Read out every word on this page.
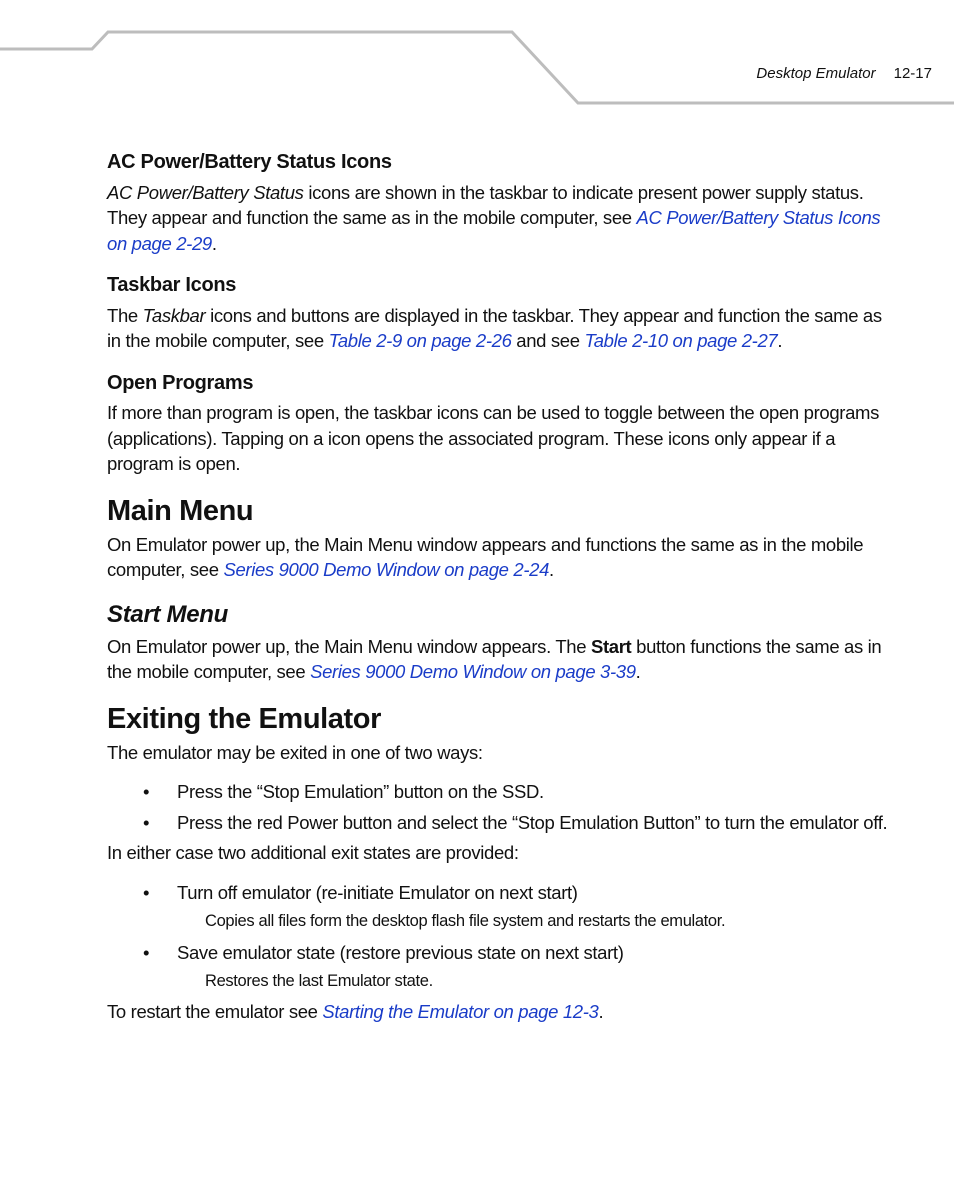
Desktop Emulator 12-17
AC Power/Battery Status Icons

AC Power/Battery Status icons are shown in the taskbar to indicate present power supply status. They appear and function the same as in the mobile computer, see AC Power/Battery Status Icons on page 2-29.

Taskbar Icons

The Taskbar icons and buttons are displayed in the taskbar. They appear and function the same as in the mobile computer, see Table 2-9 on page 2-26 and see Table 2-10 on page 2-27.

Open Programs

If more than program is open, the taskbar icons can be used to toggle between the open programs (applications). Tapping on a icon opens the associated program. These icons only appear if a program is open.

Main Menu

On Emulator power up, the Main Menu window appears and functions the same as in the mobile computer, see Series 9000 Demo Window on page 2-24.

Start Menu

On Emulator power up, the Main Menu window appears. The Start button functions the same as in the mobile computer, see Series 9000 Demo Window on page 3-39.

Exiting the Emulator

The emulator may be exited in one of two ways:

• Press the “Stop Emulation” button on the SSD.
• Press the red Power button and select the “Stop Emulation Button” to turn the emulator off.

In either case two additional exit states are provided:

• Turn off emulator (re-initiate Emulator on next start)

Copies all files form the desktop flash file system and restarts the emulator.

• Save emulator state (restore previous state on next start)

Restores the last Emulator state.

To restart the emulator see Starting the Emulator on page 12-3.
